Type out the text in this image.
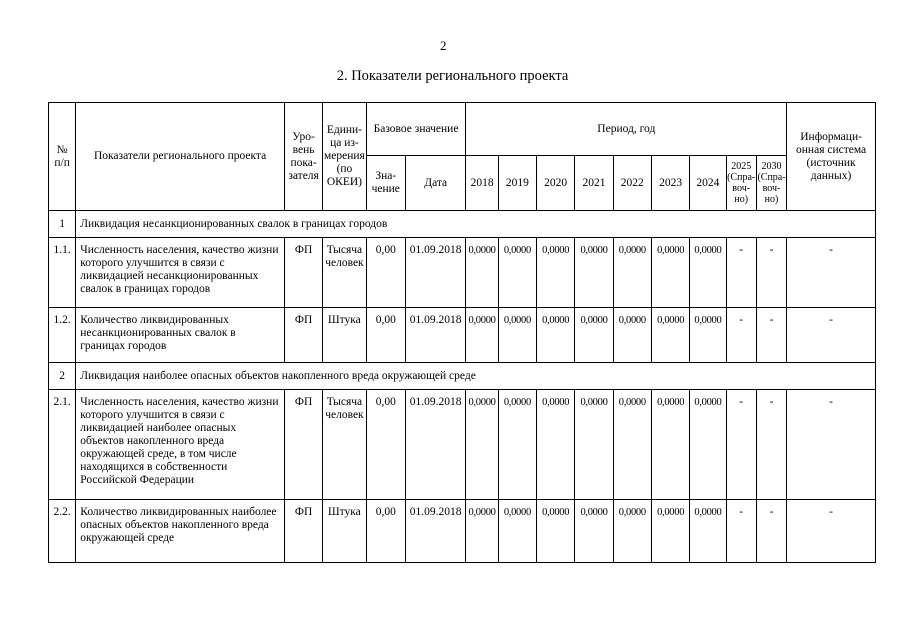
2
2. Показатели регионального проекта
№
п/п	Показатели регионального проекта	Уро-
вень
пока-
зателя	Едини-
ца из-
мерения
(по
ОКЕИ)	Базовое значение		Период, год									Информаци-
онная система
(источник
данных)
				Зна-
чение	Дата	2018	2019	2020	2021	2022	2023	2024	2025
(Спра-
воч-
но)	2030
(Спра-
воч-
но)	
1	Ликвидация несанкционированных свалок в границах городов														
1.1.	Численность населения, качество жизни которого улучшится в связи с ликвидацией несанкционированных свалок в границах городов	ФП	Тысяча человек	0,00	01.09.2018	0,0000	0,0000	0,0000	0,0000	0,0000	0,0000	0,0000	-	-	-
1.2.	Количество ликвидированных несанкционированных свалок в границах городов	ФП	Штука	0,00	01.09.2018	0,0000	0,0000	0,0000	0,0000	0,0000	0,0000	0,0000	-	-	-
2	Ликвидация наиболее опасных объектов накопленного вреда окружающей среде														
2.1.	Численность населения, качество жизни которого улучшится в связи с ликвидацией наиболее опасных объектов накопленного вреда окружающей среде, в том числе находящихся в собственности Российской Федерации	ФП	Тысяча человек	0,00	01.09.2018	0,0000	0,0000	0,0000	0,0000	0,0000	0,0000	0,0000	-	-	-
2.2.	Количество ликвидированных наиболее опасных объектов накопленного вреда окружающей среде	ФП	Штука	0,00	01.09.2018	0,0000	0,0000	0,0000	0,0000	0,0000	0,0000	0,0000	-	-	-
